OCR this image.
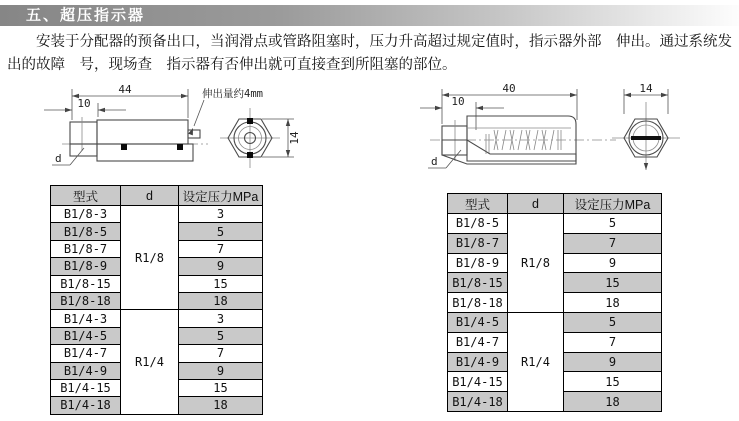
五、超压指示器
安装于分配器的预备出口，当润滑点或管路阻塞时，压力升高超过规定值时，指示器外部　伸出。通过系统发
出的故障　号，现场查　指示器有否伸出就可直接查到所阻塞的部位。
44
10
伸出量约4mm
d
14
40
10
d
14
型式	d	设定压力MPa
B1/8-3	R1/8	3
B1/8-5		5
B1/8-7		7
B1/8-9		9
B1/8-15		15
B1/8-18		18
B1/4-3	R1/4	3
B1/4-5		5
B1/4-7		7
B1/4-9		9
B1/4-15		15
B1/4-18		18
型式	d	设定压力MPa
B1/8-5	R1/8	5
B1/8-7		7
B1/8-9		9
B1/8-15		15
B1/8-18		18
B1/4-5	R1/4	5
B1/4-7		7
B1/4-9		9
B1/4-15		15
B1/4-18		18
